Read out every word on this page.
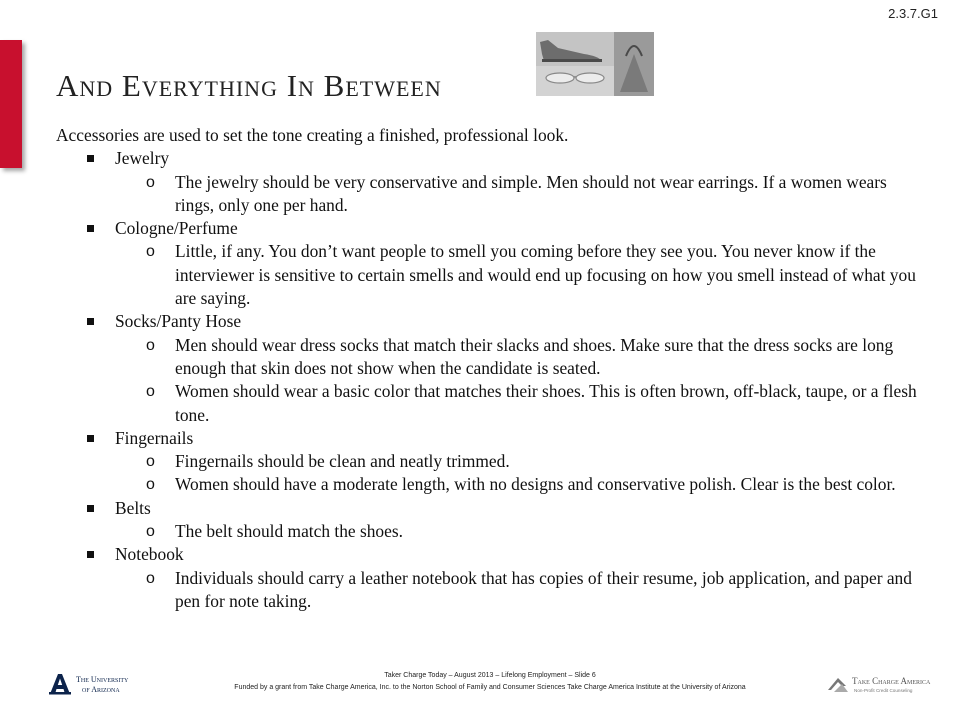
2.3.7.G1
And Everything In Between

Accessories are used to set the tone creating a finished, professional look.

Jewelry
o The jewelry should be very conservative and simple. Men should not wear earrings. If a women wears rings, only one per hand.
Cologne/Perfume
o Little, if any. You don’t want people to smell you coming before they see you. You never know if the interviewer is sensitive to certain smells and would end up focusing on how you smell instead of what you are saying.
Socks/Panty Hose
o Men should wear dress socks that match their slacks and shoes. Make sure that the dress socks are long enough that skin does not show when the candidate is seated.
o Women should wear a basic color that matches their shoes. This is often brown, off-black, taupe, or a flesh tone.
Fingernails
o Fingernails should be clean and neatly trimmed.
o Women should have a moderate length, with no designs and conservative polish. Clear is the best color.
Belts
o The belt should match the shoes.
Notebook
o Individuals should carry a leather notebook that has copies of their resume, job application, and paper and pen for note taking.
The University
of Arizona
Taker Charge Today – August 2013 – Lifelong Employment – Slide 6
Funded by a grant from Take Charge America, Inc. to the Norton School of Family and Consumer Sciences Take Charge America Institute at the University of Arizona
Take Charge America
Non-Profit Credit Counseling
